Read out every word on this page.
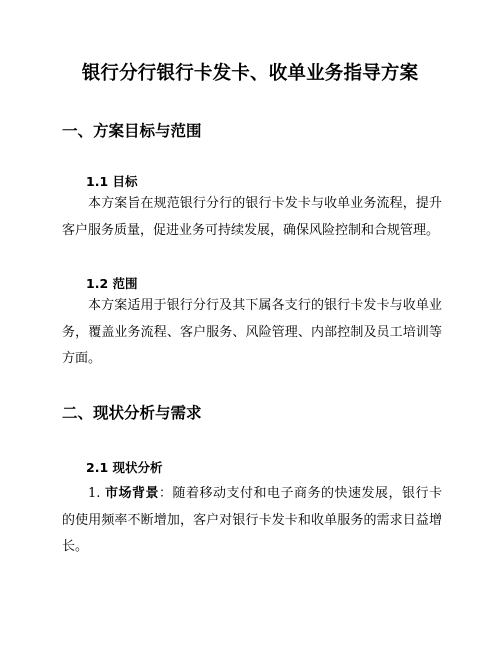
银行分行银行卡发卡、收单业务指导方案
一、方案目标与范围
1.1 目标

本方案旨在规范银行分行的银行卡发卡与收单业务流程，提升客户服务质量，促进业务可持续发展，确保风险控制和合规管理。

1.2 范围

本方案适用于银行分行及其下属各支行的银行卡发卡与收单业务，覆盖业务流程、客户服务、风险管理、内部控制及员工培训等方面。

二、现状分析与需求
2.1 现状分析

1. 市场背景：随着移动支付和电子商务的快速发展，银行卡的使用频率不断增加，客户对银行卡发卡和收单服务的需求日益增长。
